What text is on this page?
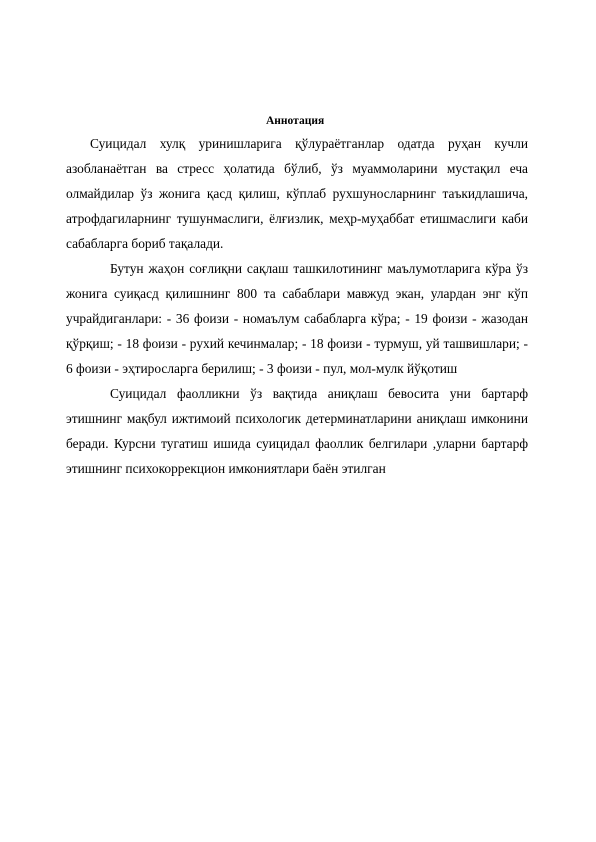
Аннотация

Суицидал хулқ уринишларига қўлураётганлар одатда руҳан кучли азобланаётган ва стресс ҳолатида бўлиб, ўз муаммоларини мустақил еча олмайдилар ўз жонига қасд қилиш, кўплаб рухшуносларнинг таъкидлашича, атрофдагиларнинг тушунмаслиги, ёлғизлик, меҳр-муҳаббат етишмаслиги каби сабабларга бориб тақалади.

Бутун жаҳон соғлиқни сақлаш ташкилотининг маълумотларига кўра ўз жонига суиқасд қилишнинг 800 та сабаблари мавжуд экан, улардан энг кўп учрайдиганлари: - 36 фоизи - номаълум сабабларга кўра; - 19 фоизи - жазодан қўрқиш; - 18 фоизи - рухий кечинмалар; - 18 фоизи - турмуш, уй ташвишлари; - 6 фоизи - эҳтиросларга берилиш; - 3 фоизи - пул, мол-мулк йўқотиш

Суицидал фаолликни ўз вақтида аниқлаш бевосита уни бартарф этишнинг мақбул ижтимоий психологик детерминатларини аниқлаш имконини беради. Курсни тугатиш ишида суицидал фаоллик белгилари ,уларни бартарф этишнинг психокоррекцион имкониятлари баён этилган
